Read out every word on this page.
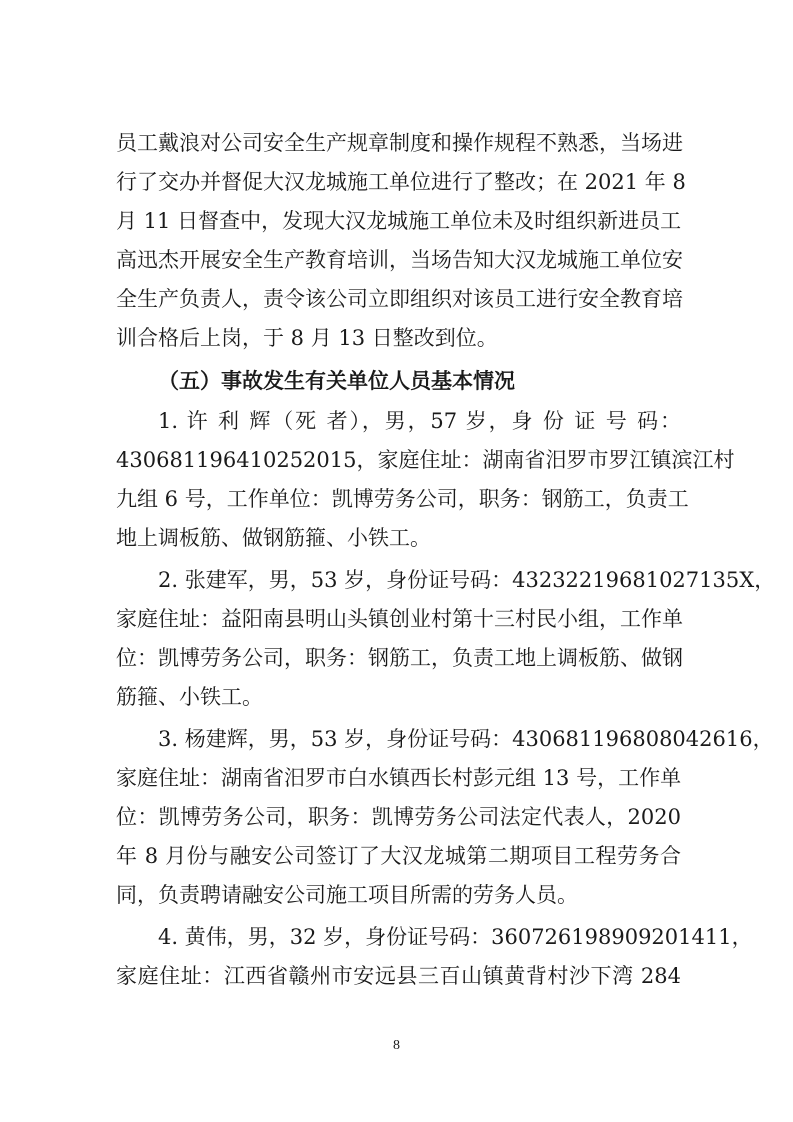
员工戴浪对公司安全生产规章制度和操作规程不熟悉，当场进
行了交办并督促大汉龙城施工单位进行了整改；在 2021 年 8
月 11 日督查中，发现大汉龙城施工单位未及时组织新进员工
高迅杰开展安全生产教育培训，当场告知大汉龙城施工单位安
全生产负责人，责令该公司立即组织对该员工进行安全教育培
训合格后上岗，于 8 月 13 日整改到位。
（五）事故发生有关单位人员基本情况
1. 许 利 辉（死 者），男，57 岁，身 份 证 号 码：
430681196410252015，家庭住址：湖南省汨罗市罗江镇滨江村
九组 6 号，工作单位：凯博劳务公司，职务：钢筋工，负责工
地上调板筋、做钢筋箍、小铁工。
2. 张建军，男，53 岁，身份证号码：43232219681027135X，
家庭住址：益阳南县明山头镇创业村第十三村民小组，工作单
位：凯博劳务公司，职务：钢筋工，负责工地上调板筋、做钢
筋箍、小铁工。
3. 杨建辉，男，53 岁，身份证号码：430681196808042616，
家庭住址：湖南省汨罗市白水镇西长村彭元组 13 号，工作单
位：凯博劳务公司，职务：凯博劳务公司法定代表人，2020
年 8 月份与融安公司签订了大汉龙城第二期项目工程劳务合
同，负责聘请融安公司施工项目所需的劳务人员。
4. 黄伟，男，32 岁，身份证号码：360726198909201411，
家庭住址：江西省赣州市安远县三百山镇黄背村沙下湾 284
8
